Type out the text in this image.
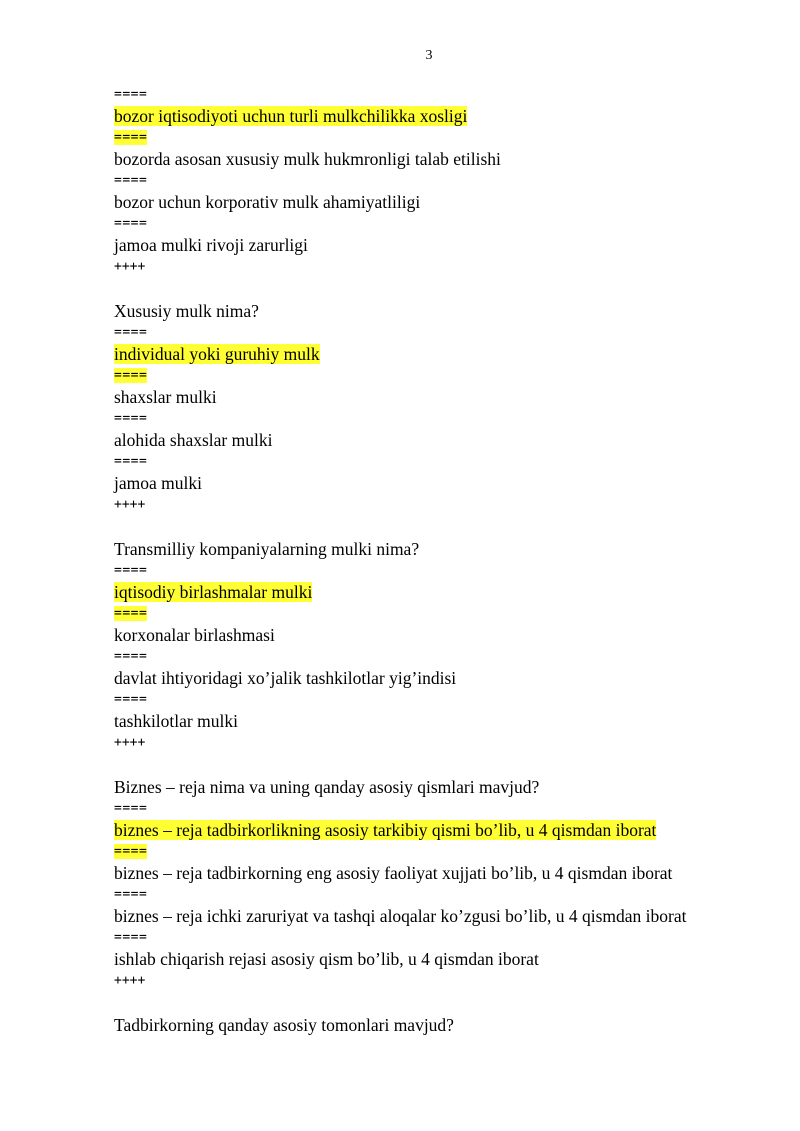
3
====
bozor iqtisodiyoti uchun turli mulkchilikka xosligi
====
bozorda asosan xususiy mulk hukmronligi talab etilishi
====
bozor uchun korporativ mulk ahamiyatliligi
====
jamoa mulki rivoji zarurligi
++++
Xususiy mulk nima?
====
individual yoki guruhiy mulk
====
shaxslar mulki
====
alohida shaxslar mulki
====
jamoa mulki
++++
Transmilliy kompaniyalarning mulki nima?
====
iqtisodiy birlashmalar mulki
====
korxonalar birlashmasi
====
davlat ihtiyoridagi xo’jalik tashkilotlar yig’indisi
====
tashkilotlar mulki
++++
Biznes – reja nima va uning qanday asosiy qismlari mavjud?
====
biznes – reja tadbirkorlikning asosiy tarkibiy qismi bo’lib, u 4 qismdan iborat
====
biznes – reja tadbirkorning eng asosiy faoliyat xujjati bo’lib, u 4 qismdan iborat
====
biznes – reja ichki zaruriyat va tashqi aloqalar ko’zgusi bo’lib, u 4 qismdan iborat
====
ishlab chiqarish rejasi asosiy qism bo’lib, u 4 qismdan iborat
++++
Tadbirkorning qanday asosiy tomonlari mavjud?
